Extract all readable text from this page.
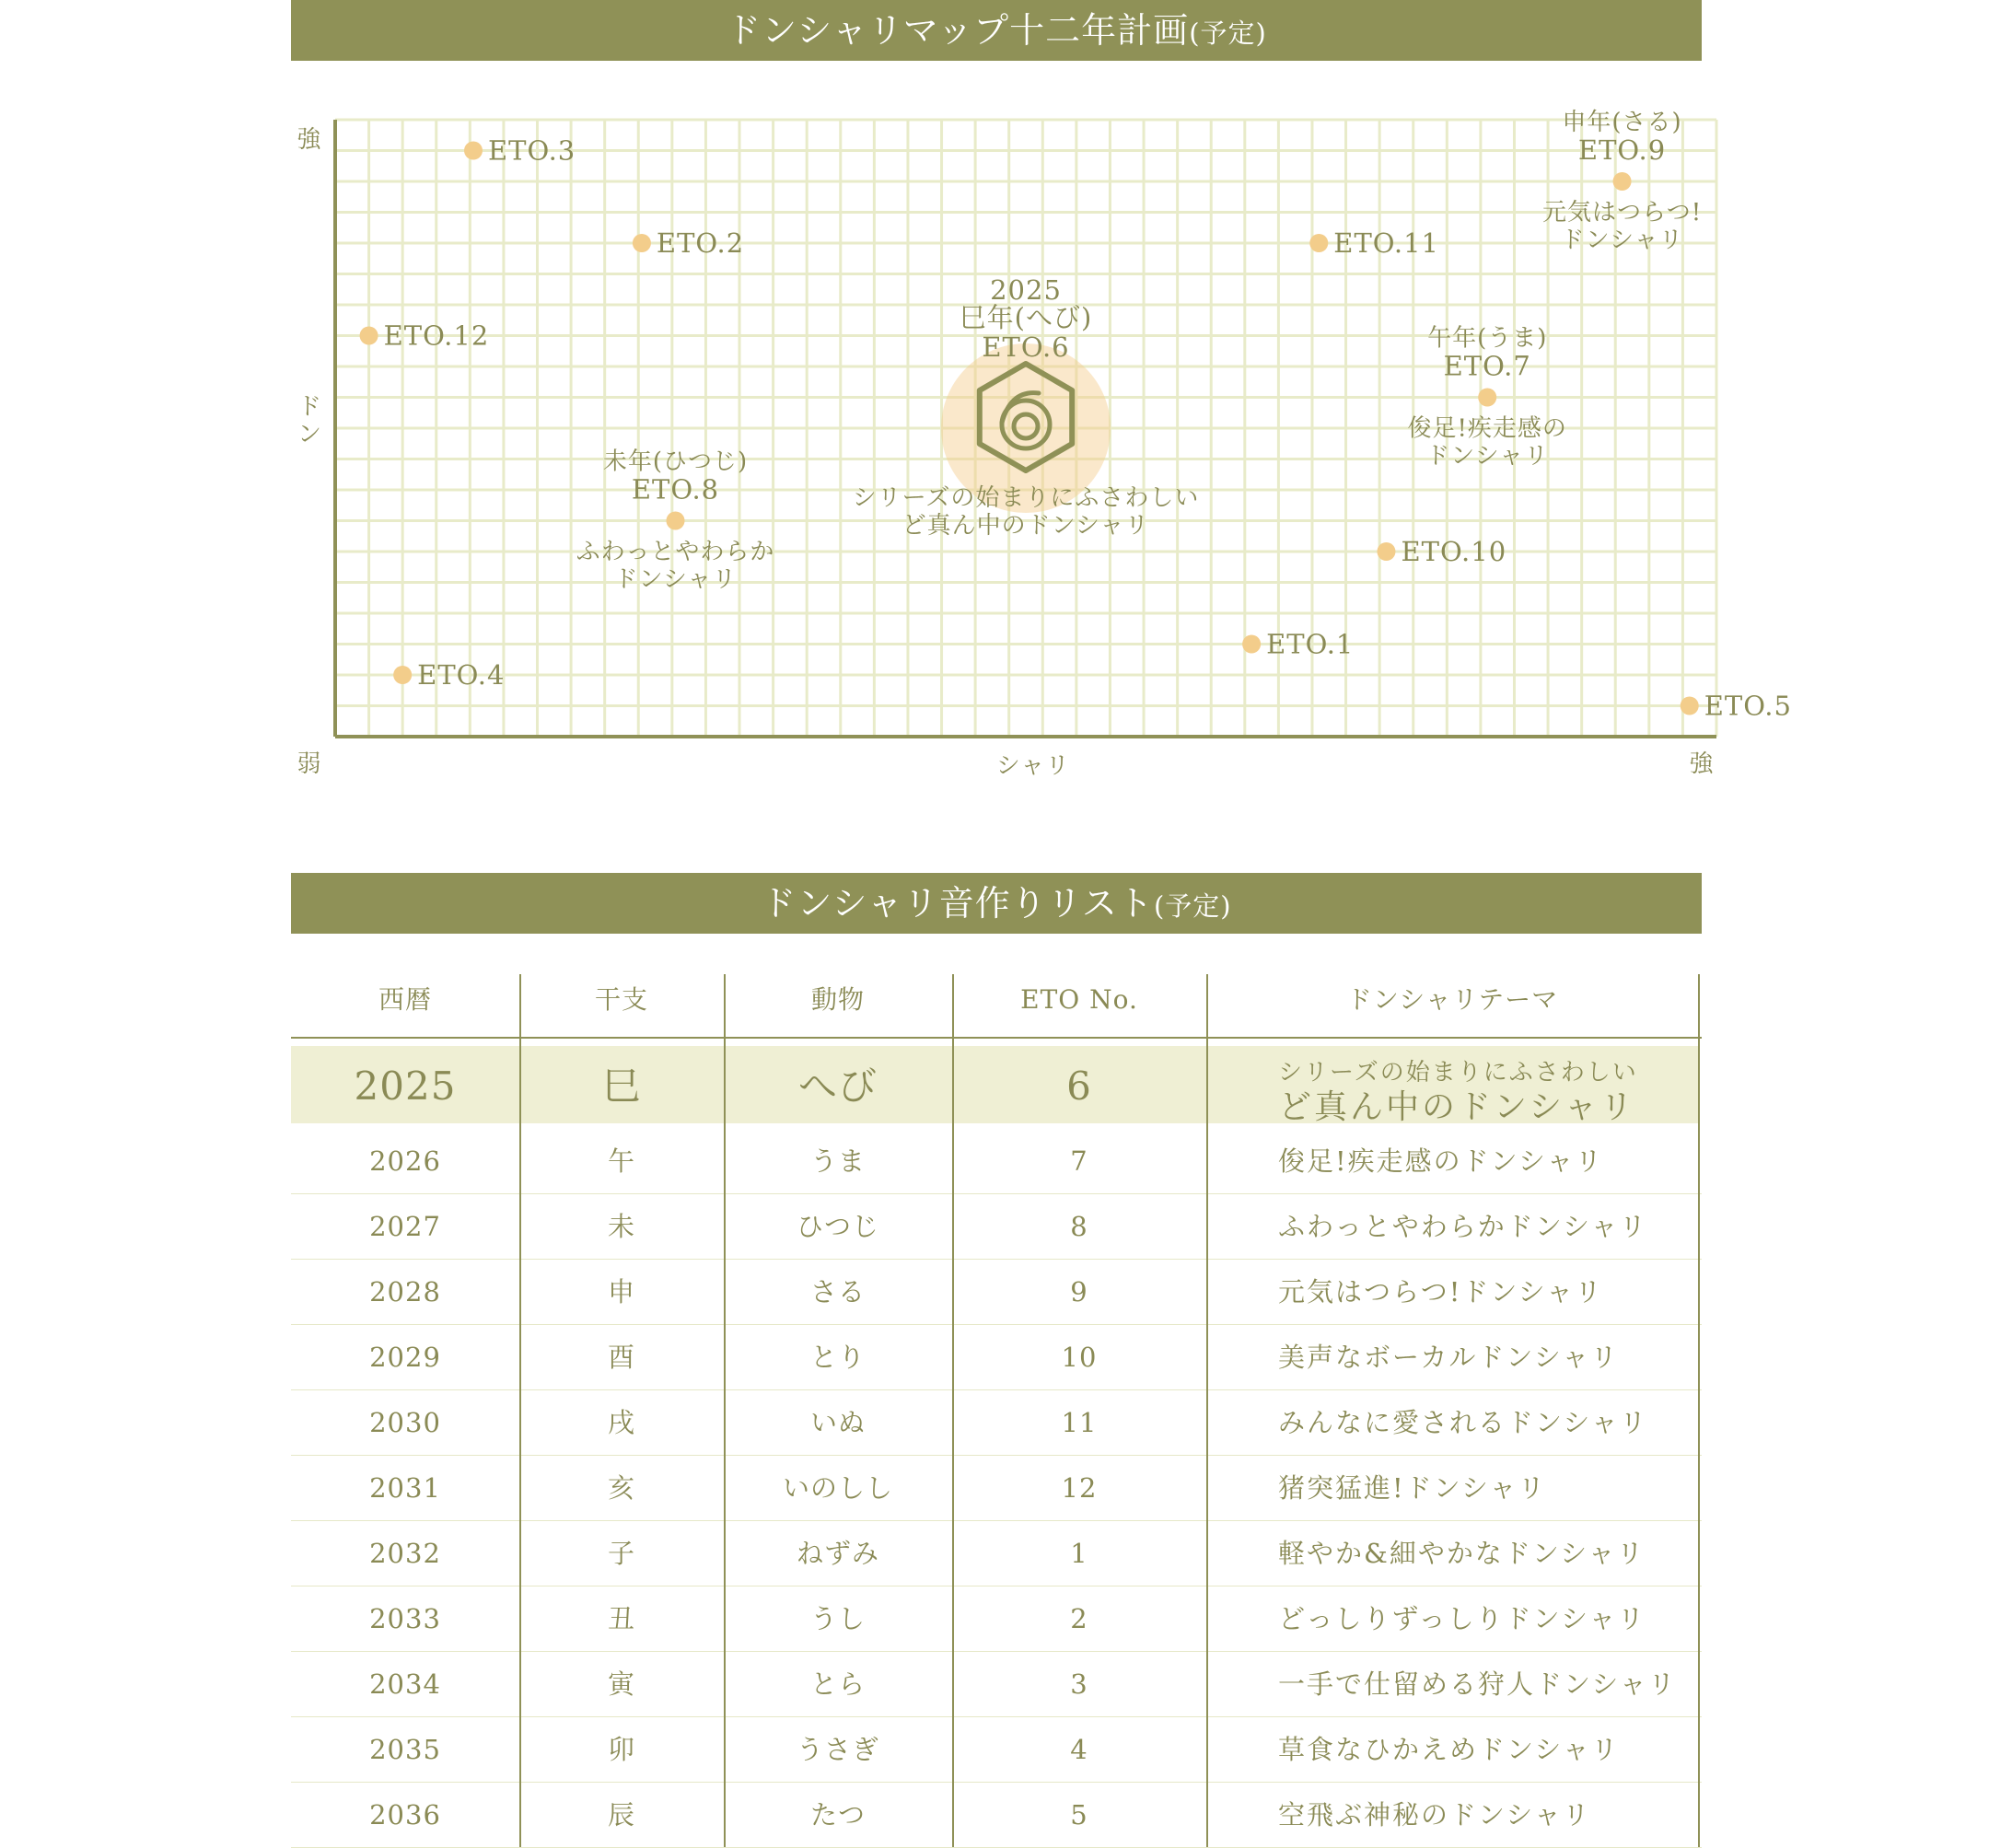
ドンシャリマップ十二年計画(予定)
強
弱	強
シャリ
ドン
ETO.1
ETO.2
ETO.3
ETO.4
ETO.5
2025
巳年(へび)
ETO.6
シリーズの始まりにふさわしい
ど真ん中のドンシャリ
午年(うま)
ETO.7
俊足!疾走感の
ドンシャリ
未年(ひつじ)
ETO.8
ふわっとやわらか
ドンシャリ
申年(さる)
ETO.9
元気はつらつ!
ドンシャリ
ETO.10
ETO.11
ETO.12
ドンシャリ音作りリスト(予定)
西暦	干支	動物	ETO No.	ドンシャリテーマ
2025	巳	へび	6	シリーズの始まりにふさわしい
ど真ん中のドンシャリ
2026	午	うま	7	俊足!疾走感のドンシャリ
2027	未	ひつじ	8	ふわっとやわらかドンシャリ
2028	申	さる	9	元気はつらつ!ドンシャリ
2029	酉	とり	10	美声なボーカルドンシャリ
2030	戌	いぬ	11	みんなに愛されるドンシャリ
2031	亥	いのしし	12	猪突猛進!ドンシャリ
2032	子	ねずみ	1	軽やか&細やかなドンシャリ
2033	丑	うし	2	どっしりずっしりドンシャリ
2034	寅	とら	3	一手で仕留める狩人ドンシャリ
2035	卯	うさぎ	4	草食なひかえめドンシャリ
2036	辰	たつ	5	空飛ぶ神秘のドンシャリ
